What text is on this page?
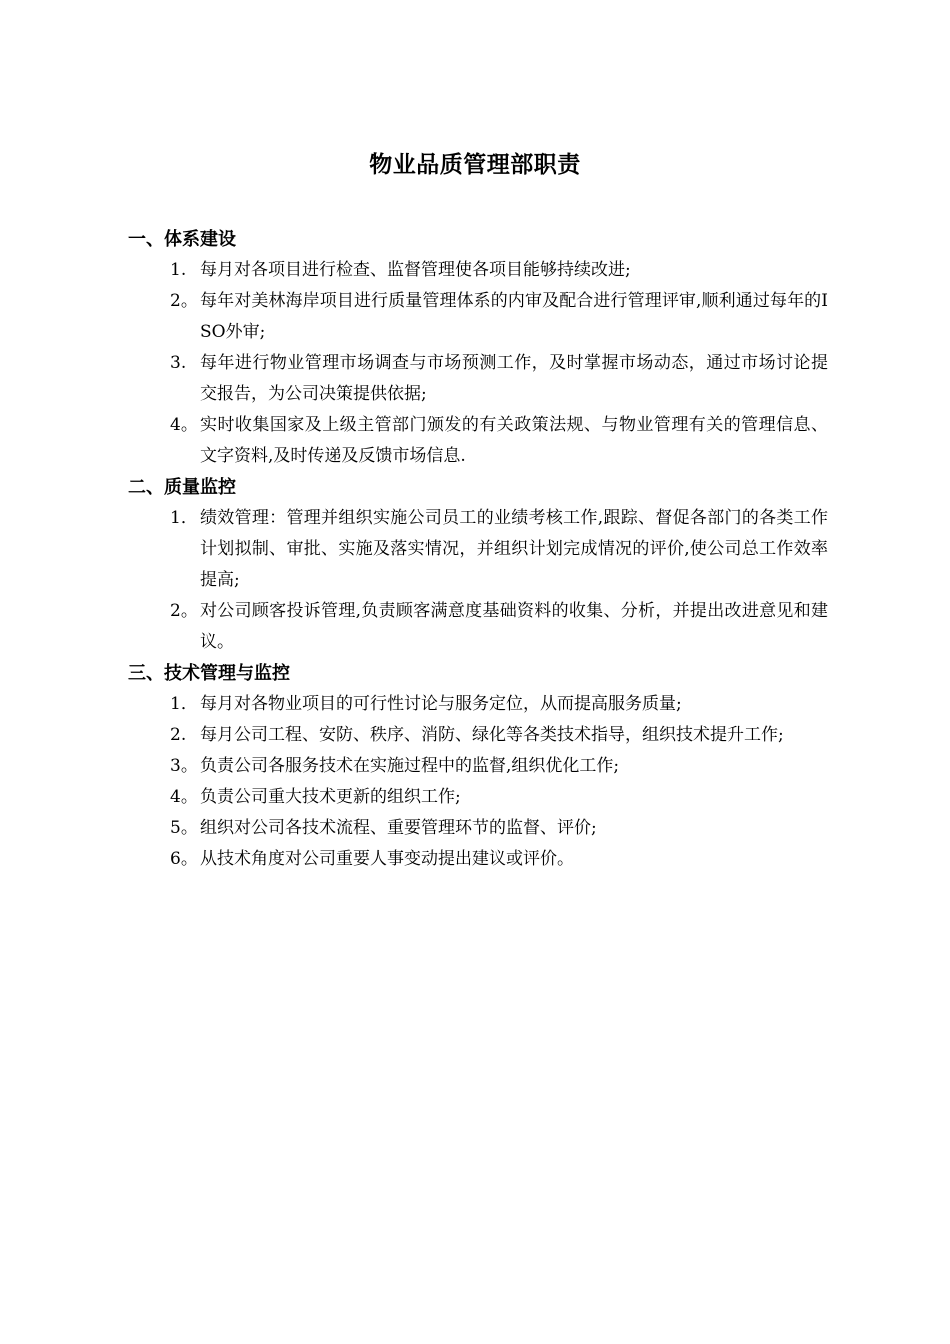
物业品质管理部职责
一、体系建设
1. 每月对各项目进行检查、监督管理使各项目能够持续改进;
2。 每年对美林海岸项目进行质量管理体系的内审及配合进行管理评审,顺利通过每年的ISO外审;
3. 每年进行物业管理市场调查与市场预测工作，及时掌握市场动态，通过市场讨论提交报告，为公司决策提供依据;
4。 实时收集国家及上级主管部门颁发的有关政策法规、与物业管理有关的管理信息、文字资料,及时传递及反馈市场信息.
二、质量监控
1． 绩效管理：管理并组织实施公司员工的业绩考核工作,跟踪、督促各部门的各类工作计划拟制、审批、实施及落实情况，并组织计划完成情况的评价,使公司总工作效率提高;
2。 对公司顾客投诉管理,负责顾客满意度基础资料的收集、分析，并提出改进意见和建议。
三、技术管理与监控
1． 每月对各物业项目的可行性讨论与服务定位，从而提高服务质量;
2. 每月公司工程、安防、秩序、消防、绿化等各类技术指导，组织技术提升工作;
3。 负责公司各服务技术在实施过程中的监督,组织优化工作;
4。 负责公司重大技术更新的组织工作;
5。 组织对公司各技术流程、重要管理环节的监督、评价;
6。 从技术角度对公司重要人事变动提出建议或评价。
